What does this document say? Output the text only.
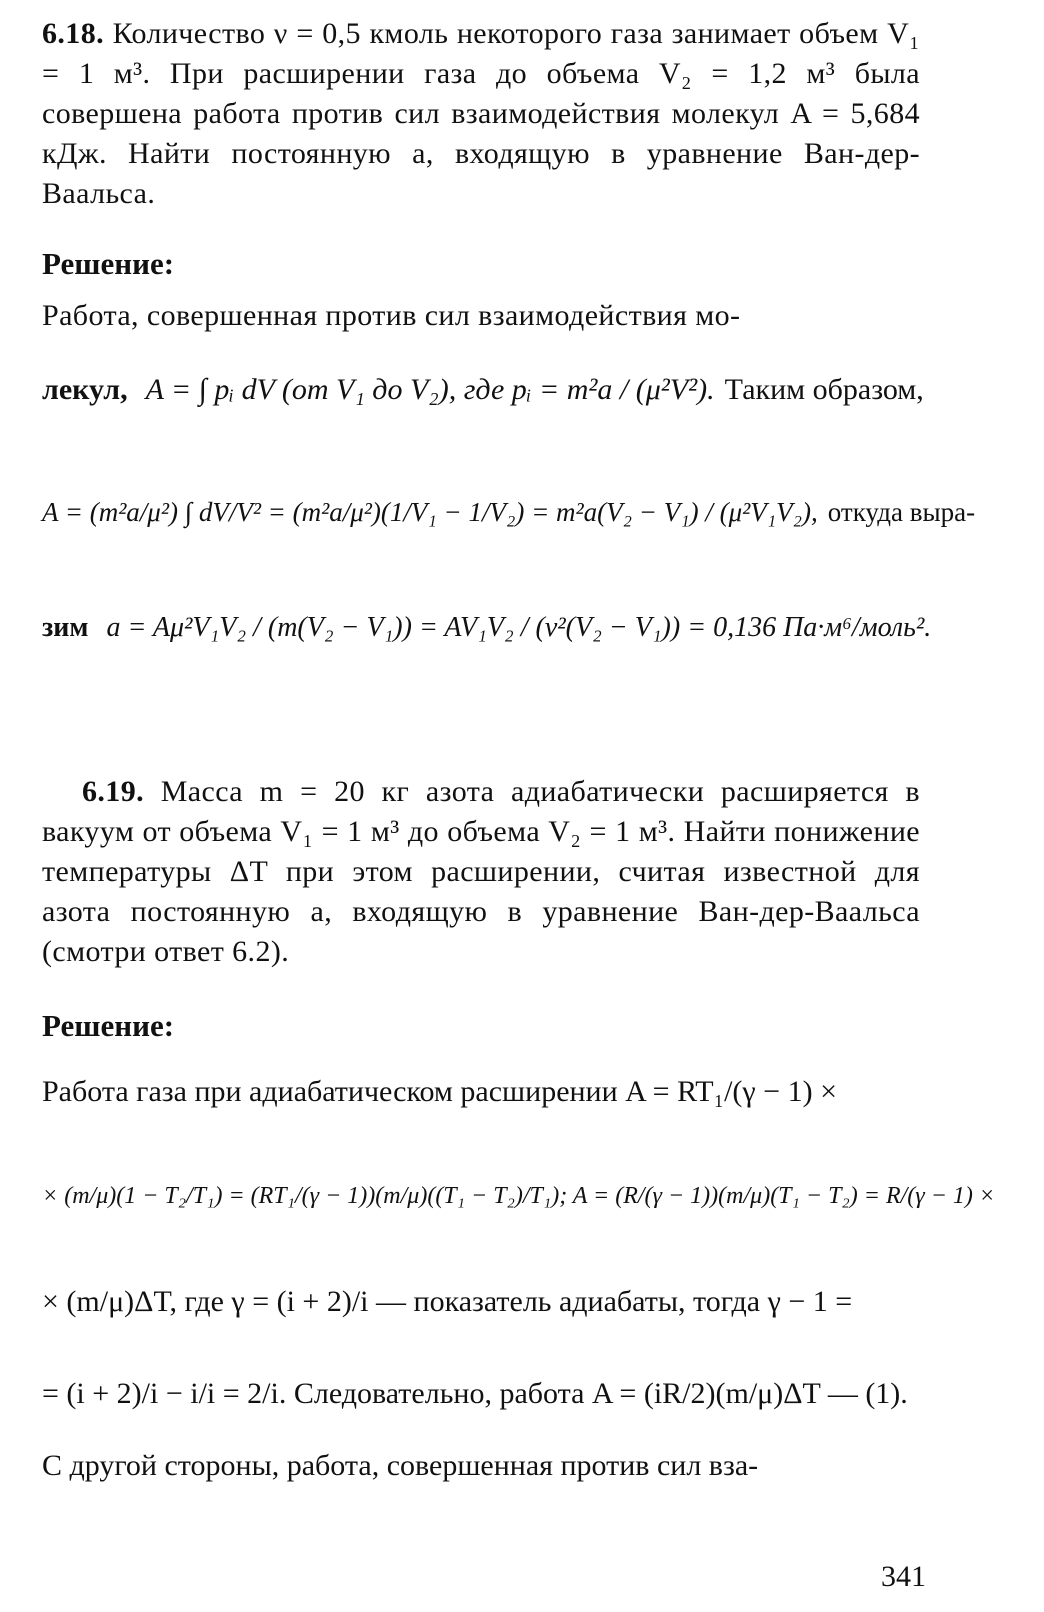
6.18. Количество ν = 0,5 кмоль некоторого газа занимает объем V₁ = 1 м³. При расширении газа до объема V₂ = 1,2 м³ была совершена работа против сил взаимодействия молекул A = 5,684 кДж. Найти постоянную a, входящую в уравнение Ван-дер-Ваальса.
Решение:
Работа, совершенная против сил взаимодействия мо-
лекул, A = ∫ pᵢ dV (от V₁ до V₂), где pᵢ = m²a / (μ²V²). Таким образом,
A = (m²a/μ²) ∫ dV/V² = (m²a/μ²)(1/V₁ − 1/V₂) = m²a(V₂ − V₁) / (μ²V₁V₂), откуда выра-
зим a = Aμ²V₁V₂ / (m(V₂ − V₁)) = AV₁V₂ / (ν²(V₂ − V₁)) = 0,136 Па·м⁶/моль².
6.19. Масса m = 20 кг азота адиабатически расширяется в вакуум от объема V₁ = 1 м³ до объема V₂ = 1 м³. Найти понижение температуры ΔT при этом расширении, считая известной для азота постоянную a, входящую в уравнение Ван-дер-Ваальса (смотри ответ 6.2).
Решение:
Работа газа при адиабатическом расширении A = RT₁/(γ − 1) ×
× (m/μ)(1 − T₂/T₁) = (RT₁/(γ − 1))(m/μ)((T₁ − T₂)/T₁); A = (R/(γ − 1))(m/μ)(T₁ − T₂) = R/(γ − 1) ×
× (m/μ)ΔT, где γ = (i + 2)/i — показатель адиабаты, тогда γ − 1 =
= (i + 2)/i − i/i = 2/i. Следовательно, работа A = (iR/2)(m/μ)ΔT — (1).
С другой стороны, работа, совершенная против сил вза-
341
